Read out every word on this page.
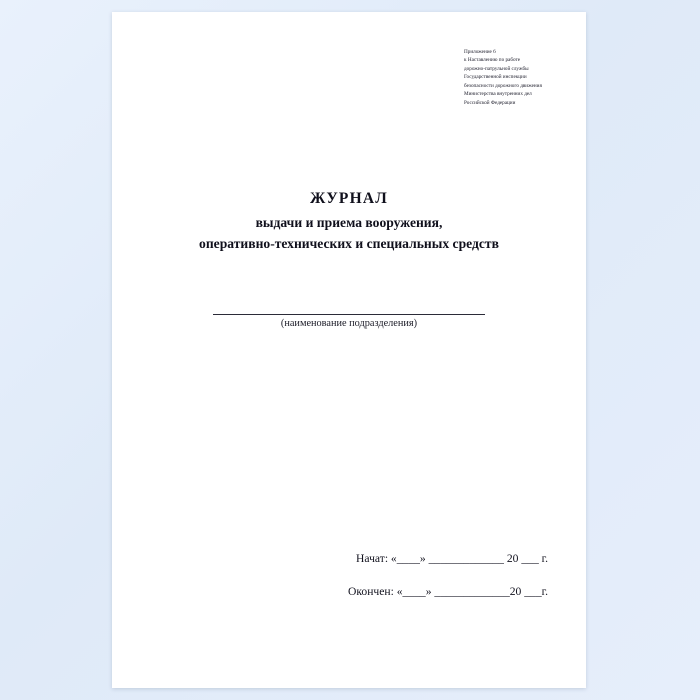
Приложение 6
к Наставлению по работе
дорожно-патрульной службы
Государственной инспекции
безопасности дорожного движения
Министерства внутренних дел
Российской Федерации
ЖУРНАЛ
выдачи и приема вооружения,
оперативно-технических и специальных средств
(наименование подразделения)
Начат: «____» _____________ 20 ___ г.
Окончен: «____» _____________20 ___г.
